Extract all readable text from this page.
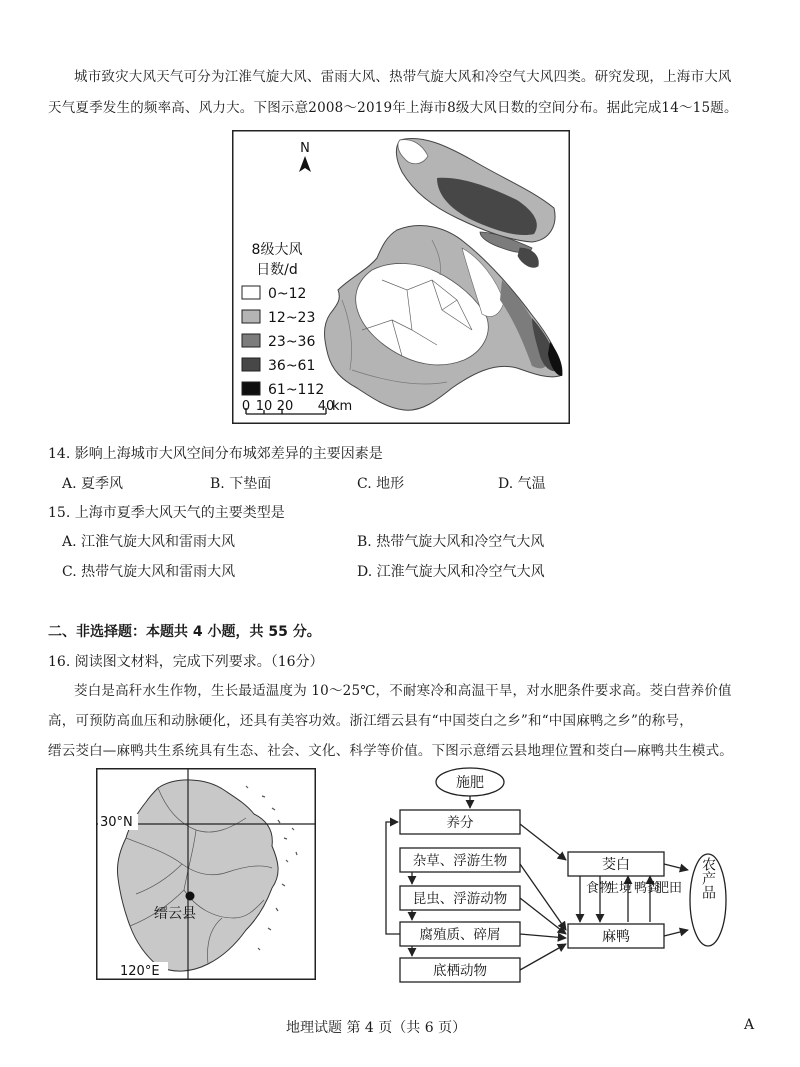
城市致灾大风天气可分为江淮气旋大风、雷雨大风、热带气旋大风和冷空气大风四类。研究发现，上海市大风
天气夏季发生的频率高、风力大。下图示意2008～2019年上海市8级大风日数的空间分布。据此完成14～15题。
N
8级大风
日数/d
0~12
12~23
23~36
36~61
61~112
0 10 20 40
km
14. 影响上海城市大风空间分布城郊差异的主要因素是
A. 夏季风	B. 下垫面	C. 地形	D. 气温
15. 上海市夏季大风天气的主要类型是
A. 江淮气旋大风和雷雨大风	B. 热带气旋大风和冷空气大风
C. 热带气旋大风和雷雨大风	D. 江淮气旋大风和冷空气大风
二、非选择题：本题共 4 小题，共 55 分。
16. 阅读图文材料，完成下列要求。（16分）
茭白是高秆水生作物，生长最适温度为 10～25℃，不耐寒冷和高温干旱，对水肥条件要求高。茭白营养价值
高，可预防高血压和动脉硬化，还具有美容功效。浙江缙云县有“中国茭白之乡”和“中国麻鸭之乡”的称号，
缙云茭白—麻鸭共生系统具有生态、社会、文化、科学等价值。下图示意缙云县地理位置和茭白—麻鸭共生模式。
30°N
120°E
缙云县
施肥
养分
杂草、浮游生物
昆虫、浮游动物
腐殖质、碎屑
底栖动物
茭白
麻鸭
食物
生境 鸭粪
肥田 农产品
地理试题 第 4 页（共 6 页）	A
